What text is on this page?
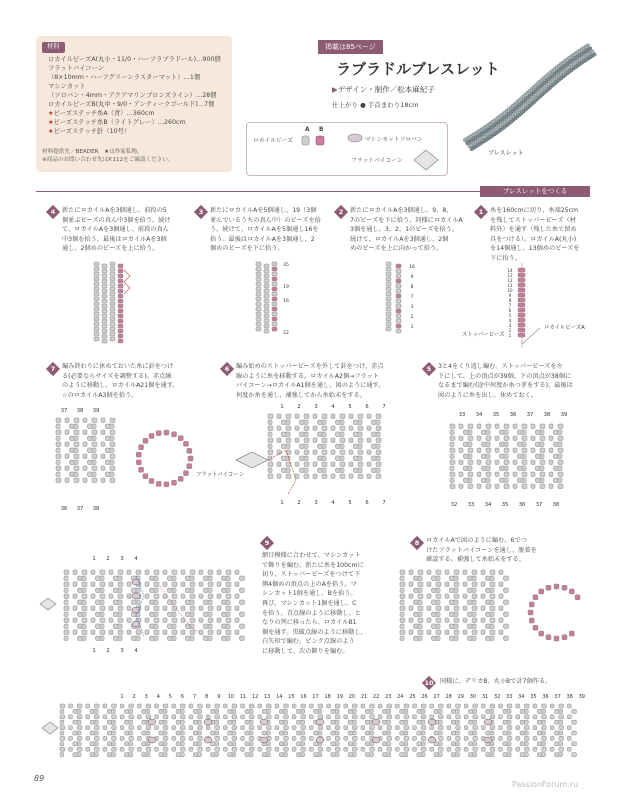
材料
ロカイルビーズA(丸小・11/0・ハーフラブラドール)…900個
フラットバイコーン
（8×10mm・ハーフグリーンラスターマット）…1個
マシンカット
（ソロバン・4mm・アクアマリンブロンズライン）…28個
ロカイルビーズB(丸中・9/0・アンティークゴールド)…7個
★ビーズステッチ糸A（青）…360cm
★ビーズステッチ糸B（ライトグレー）…260cm
★ビーズステッチ針（10号）
材料提供先／BEADER　★は作家私物。
※商品のお問い合わせ先はP.112をご確認ください。
掲載は85ページ
ラブラドルブレスレット
▶デザイン・制作／松本麻紀子
仕上がり ● 手首まわり18cm
ロカイルビーズ
A B
マシンカットソロバン
フラットバイコーン
ブレスレット
ブレスレットをつくる
1	糸を160cmに切り、糸端25cm
を残してストッパービーズ（材
料外）を通す（残した糸で留め
具をつける）。ロカイルA(丸小)
を14個通し、13個めのビーズを
下に拾う。
14
13
12
11
10
9
8
7
6
5
4
3
2
1
ストッパービーズ
ロカイルビーズA
2	新たにロカイルAを3個通し、9、8、
7のビーズを下に拾う。同様にロカイルA
3個を通し、3、2、1のビーズを拾う。
続けて、ロカイルAを3個通し、2個
めのビーズを上に向かって拾う。
16
9
8
7
3
2
1
3	新たにロカイルAを5個通し、19（3個
並んでいるうちの真ん中）のビーズを拾
う。続けて、ロカイルAを5個通し16を
拾う。最後はロカイルAを3個通し、2
個めのビーズを下に拾う。
35
19
16
22
4	新たにロカイルAを3個通し、前段の5
個並ぶビーズの真ん中3個を拾う。続け
て、ロカイルAを3個通し、前段の真ん
中3個を拾う。最後はロカイルAを3個
通し、2個めのビーズを上に拾う。
5	3と4をくり返し編む。ストッパービーズを左
下にして、上の頂点が39個、下の頂点が38個に
なるまで編む(途中何度か糸つぎをする)。最後は
図のように糸を出し、休めておく。
33 34 35 36 37 38 39
32 33 34 35 36 37 38
6	編み始めのストッパービーズを外して針をつけ、赤点
線のように糸を移動する。ロカイルA2個→フラット
バイコーン→ロカイルA1個を通し、図のように通す。
何度か糸を通し、補強してから糸始末をする。
1	2	3	4	5	6	7
1	2	3	4	5	6	7
フラットバイコーン
7	編み終わりに休めておいた糸に針をつけ
る(必要ならサイズを調整する)。赤点線
のように移動し、ロカイルA21個を通す。
☆のロカイルA3個を拾う。
37 38 39
36 37 38
8	ロカイルAで図のように編む。6でつ
けたフラットバイコーンを通し、脱着を
確認する。補強して糸始末をする。
9
網目模様に合わせて、マシンカット
で飾りを編む。新たに糸を100cmに
切り、ストッパービーズをつけて下
側4個めの頂点の上のAを拾う。マ
シンカット1個を通し、Bを拾う。
再び、マシンカット1個を通し、C
を拾う。青点線のように移動し、と
なりの列に移ったら、ロカイルB1
個を通す。黒破点線のように移動し、
白矢印で編む。ピンク点線のよう
に移動して、次の飾りを編む。
1 2 3 4
1 2 3 4
10 同様に、デリカB、丸小Bで計7個作る。
1 2 3 4 5 6 7 8 9 10 11 12 13 14 15 16 17 18 19 20 21 22 23 24 25 26 27 28 29 30 31 32 33 34 35 36 37 38 39
89
PassionForum.ru
